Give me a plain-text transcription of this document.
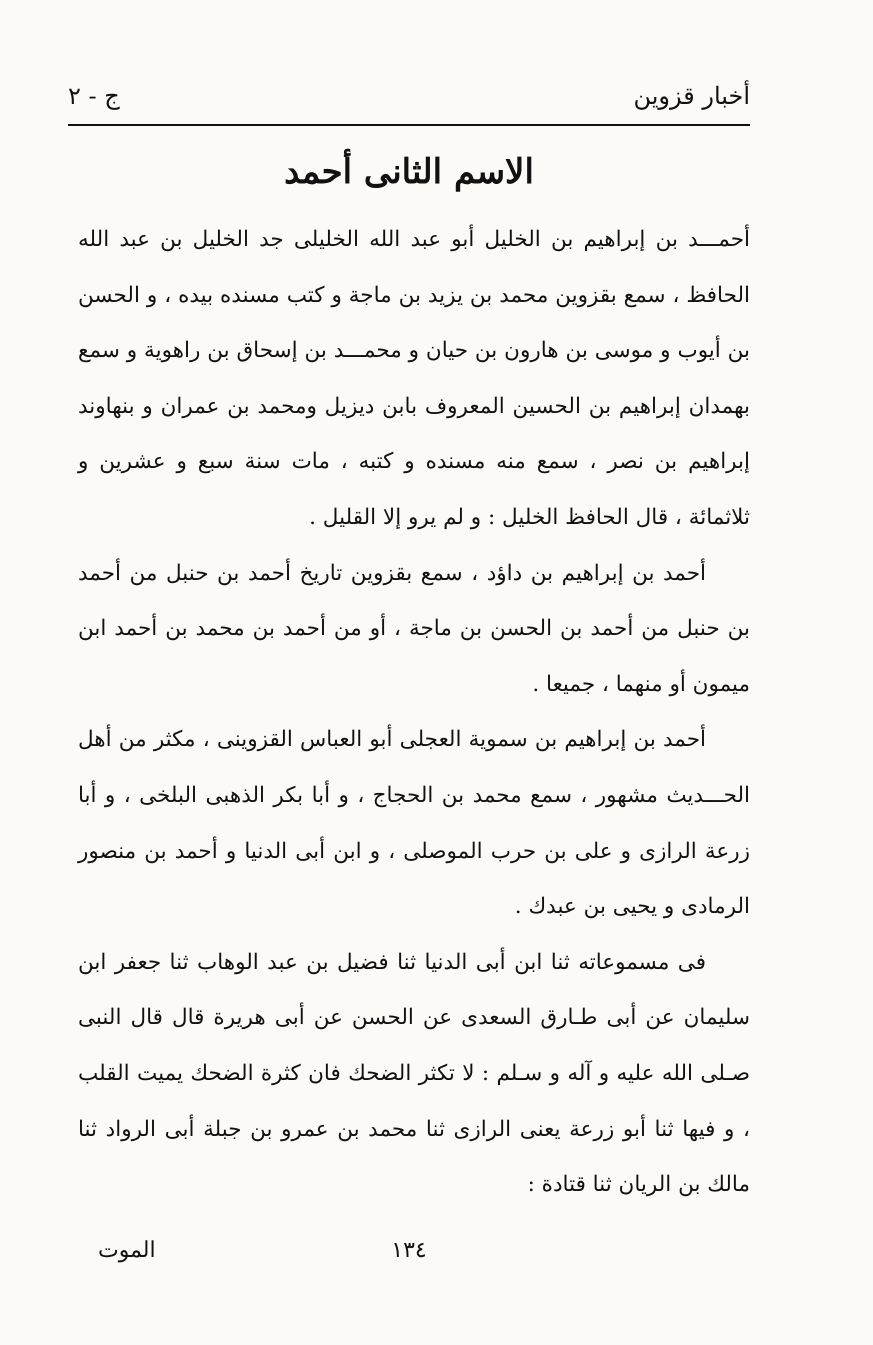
أخبار قزوين
ج - ٢
الاسم الثانى أحمد

أحمـــد بن إبراهيم بن الخليل أبو عبد الله الخليلى جد الخليل بن عبد الله الحافظ ، سمع بقزوين محمد بن يزيد بن ماجة و كتب مسنده بيده ، و الحسن بن أيوب و موسى بن هارون بن حيان و محمـــد بن إسحاق بن راهوية و سمع بهمدان إبراهيم بن الحسين المعروف بابن ديزيل ومحمد بن عمران و بنهاوند إبراهيم بن نصر ، سمع منه مسنده و كتبه ، مات سنة سبع و عشرين و ثلاثمائة ، قال الحافظ الخليل : و لم يرو إلا القليل .

أحمد بن إبراهيم بن داؤد ، سمع بقزوين تاريخ أحمد بن حنبل من أحمد بن حنبل من أحمد بن الحسن بن ماجة ، أو من أحمد بن محمد بن أحمد ابن ميمون أو منهما ، جميعا .

أحمد بن إبراهيم بن سموية العجلى أبو العباس القزوينى ، مكثر من أهل الحـــديث مشهور ، سمع محمد بن الحجاج ، و أبا بكر الذهبى البلخى ، و أبا زرعة الرازى و على بن حرب الموصلى ، و ابن أبى الدنيا و أحمد بن منصور الرمادى و يحيى بن عبدك .

فى مسموعاته ثنا ابن أبى الدنيا ثنا فضيل بن عبد الوهاب ثنا جعفر ابن سليمان عن أبى طـارق السعدى عن الحسن عن أبى هريرة قال قال النبى صـلى الله عليه و آله و سـلم : لا تكثر الضحك فان كثرة الضحك يميت القلب ، و فيها ثنا أبو زرعة يعنى الرازى ثنا محمد بن عمرو بن جبلة أبى الرواد ثنا مالك بن الريان ثنا قتادة :

١٣٤
الموت
